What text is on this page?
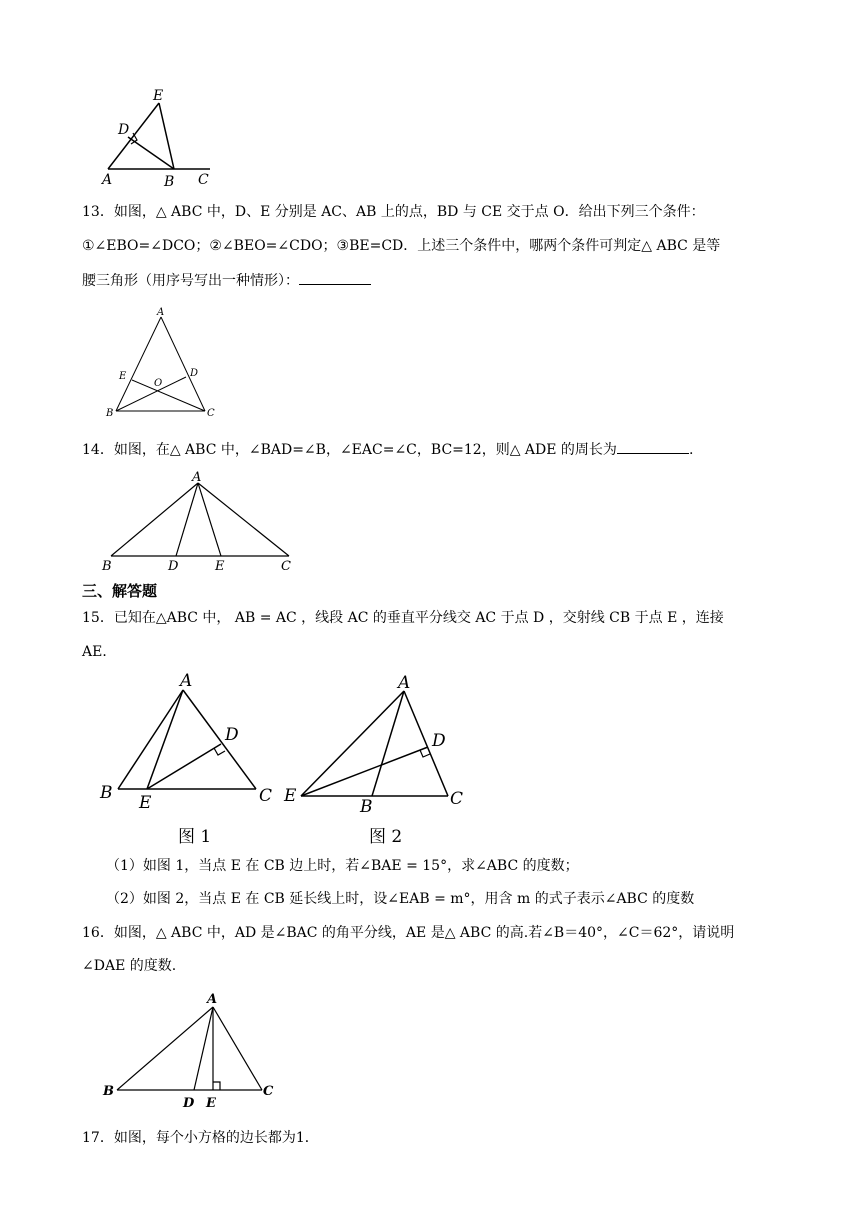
E
D
A	B C
13．如图，△ ABC 中，D、E 分别是 AC、AB 上的点，BD 与 CE 交于点 O．给出下列三个条件：
①∠EBO=∠DCO；②∠BEO=∠CDO；③BE=CD．上述三个条件中，哪两个条件可判定△ ABC 是等
腰三角形（用序号写出一种情形）：
A
E	D
O
B	C
14．如图，在△ ABC 中，∠BAD=∠B，∠EAC=∠C，BC=12，则△ ADE 的周长为	.
A
B	D	E	C
三、解答题
15．已知在△ABC 中， AB = AC ，线段 AC 的垂直平分线交 AC 于点 D ，交射线 CB 于点 E ，连接
AE．
A
D
B E	C
A
D
E
B	C
图 1	图 2
（1）如图 1，当点 E 在 CB 边上时，若∠BAE = 15°，求∠ABC 的度数；
（2）如图 2，当点 E 在 CB 延长线上时，设∠EAB = m°，用含 m 的式子表示∠ABC 的度数
16．如图，△ ABC 中，AD 是∠BAC 的角平分线，AE 是△ ABC 的高.若∠B＝40°，∠C＝62°，请说明
∠DAE 的度数.
A
B
D E
C
17．如图，每个小方格的边长都为1．
